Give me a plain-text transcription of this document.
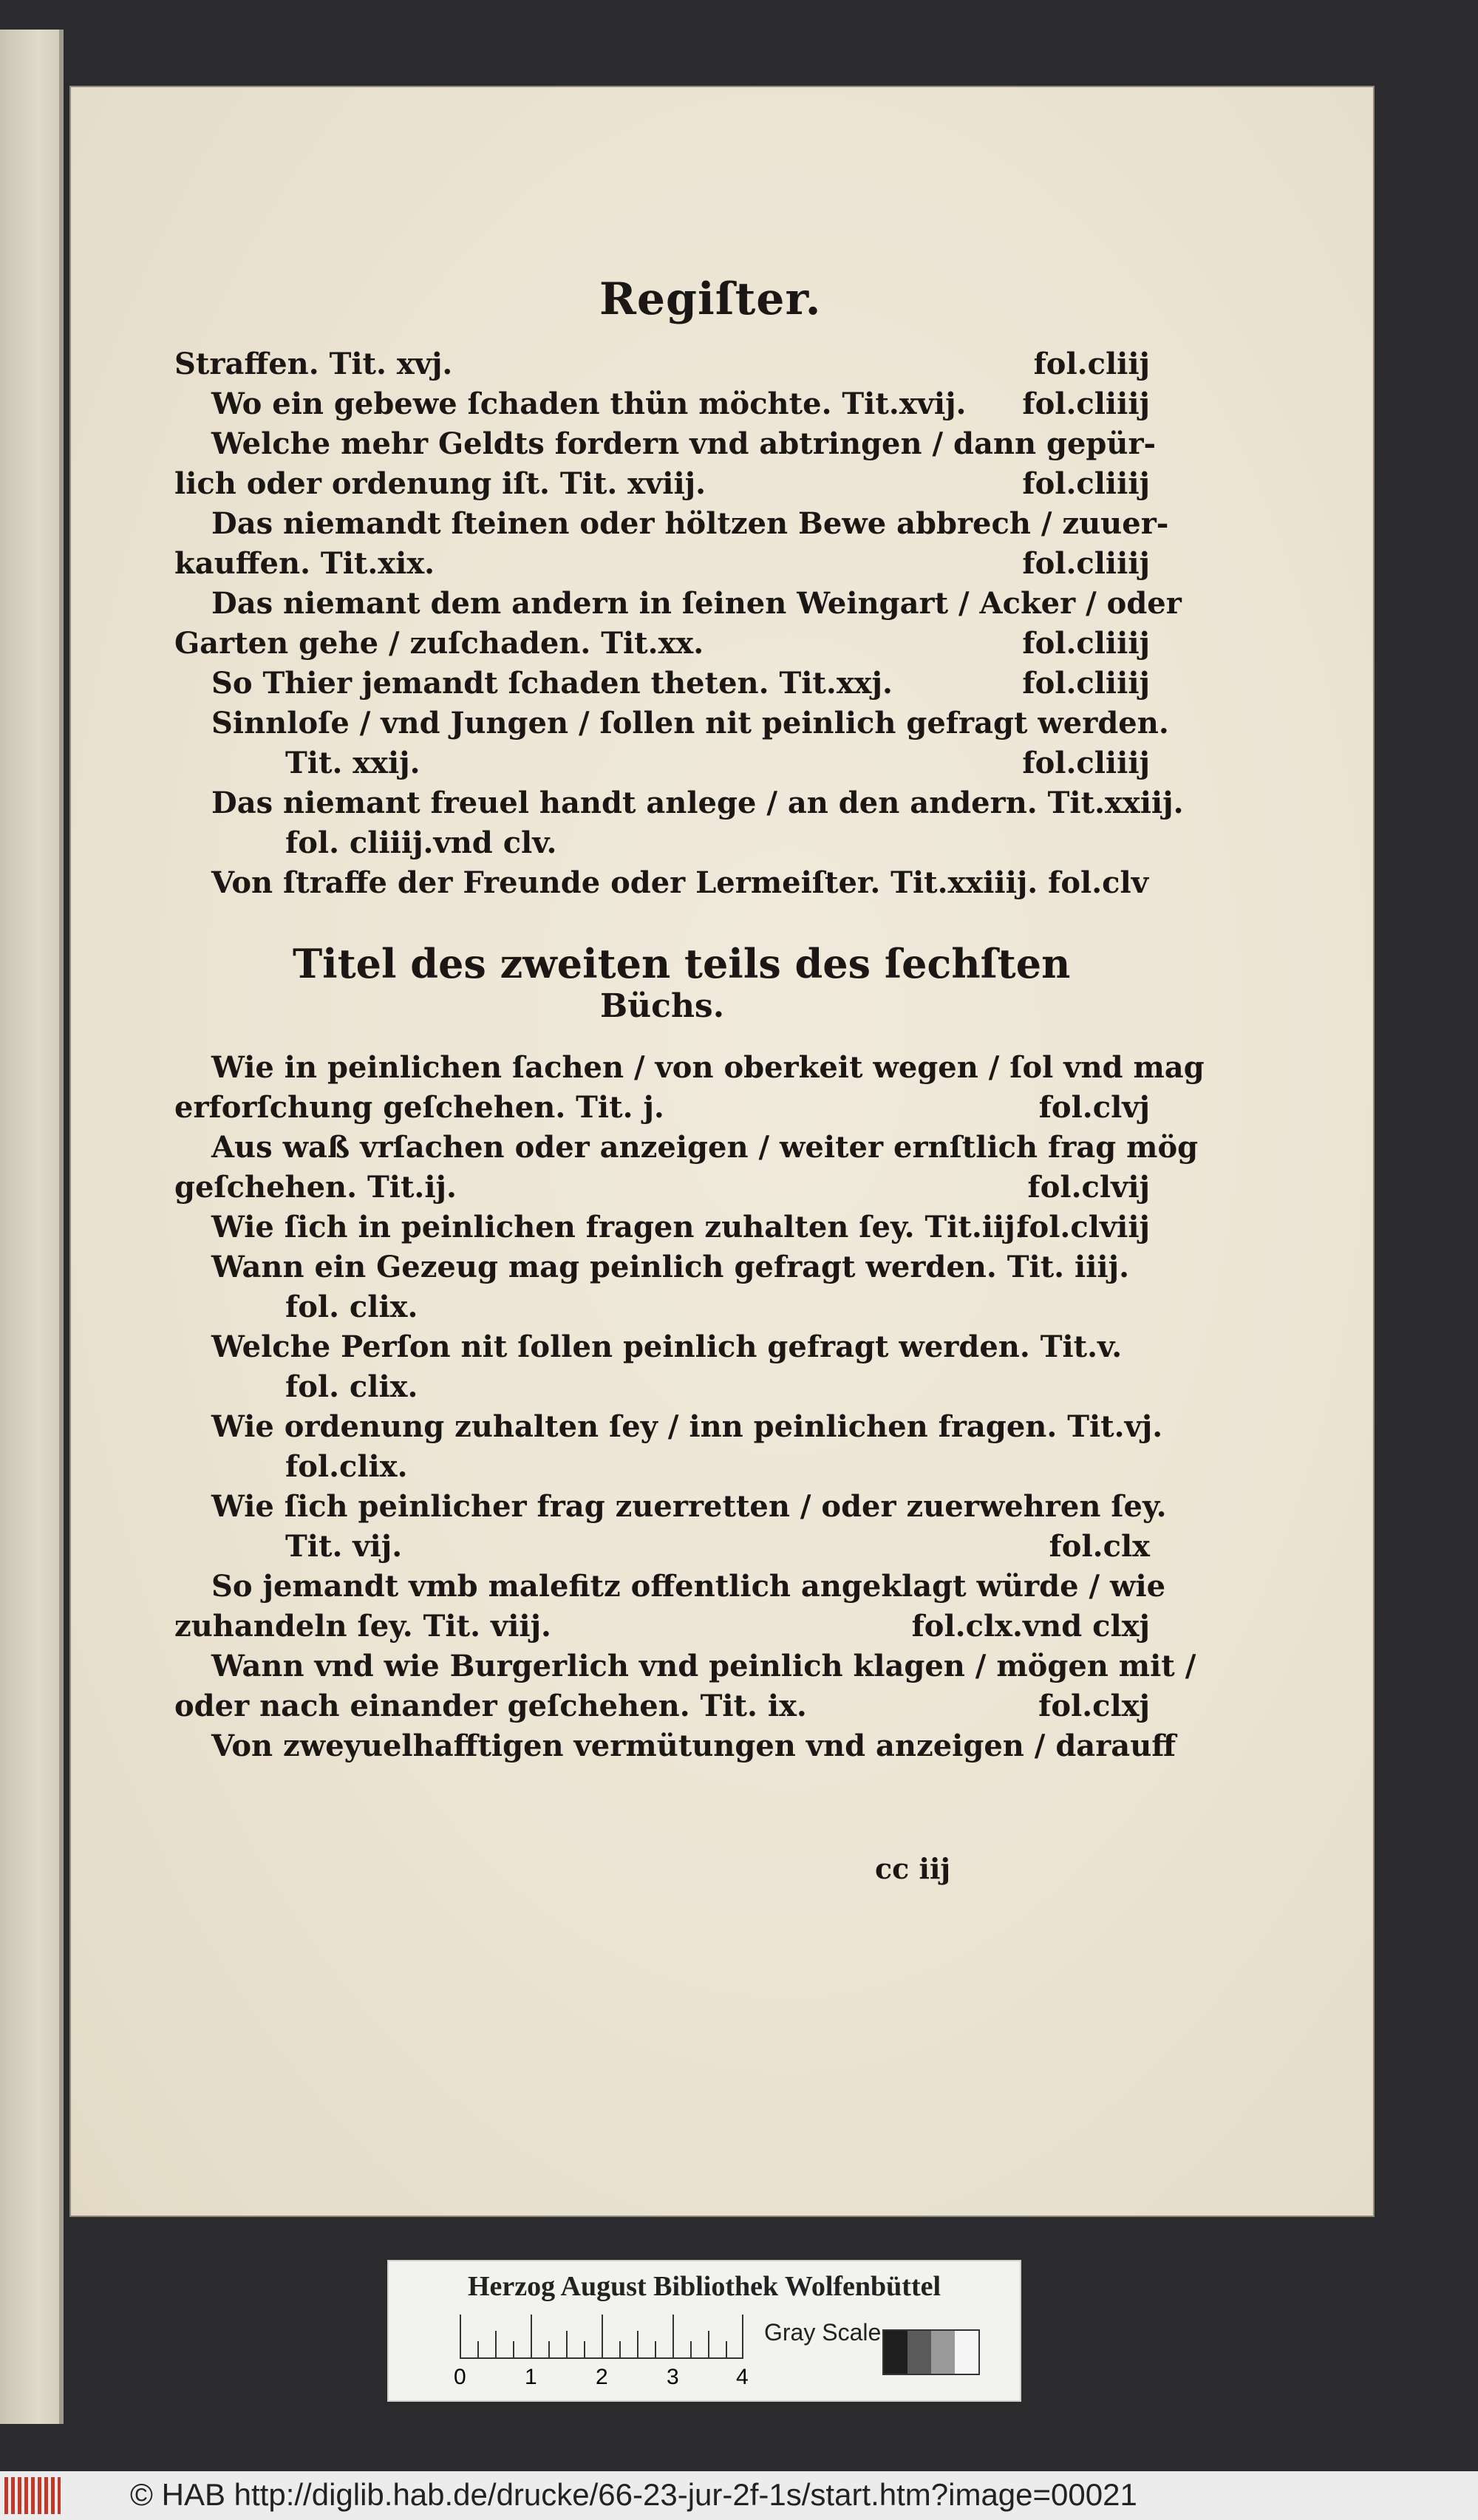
Regiſter.
Straffen. Tit. xvj.	fol.cliij
Wo ein gebewe ſchaden thün möchte. Tit.xvij. fol.cliiij
Welche mehr Geldts fordern vnd abtringen / dann gepür-
lich oder ordenung iſt. Tit. xviij.	fol.cliiij
Das niemandt ſteinen oder höltzen Bewe abbrech / zuuer-
kauffen. Tit.xix.	fol.cliiij
Das niemant dem andern in ſeinen Weingart / Acker / oder
Garten gehe / zuſchaden. Tit.xx.	fol.cliiij
So Thier jemandt ſchaden theten. Tit.xxj.	fol.cliiij
Sinnloſe / vnd Jungen / ſollen nit peinlich gefragt werden.
Tit. xxij.	fol.cliiij
Das niemant freuel handt anlege / an den andern. Tit.xxiij.
fol. cliiij.vnd clv.
Von ſtraffe der Freunde oder Lermeiſter. Tit.xxiiij. fol.clv
Titel des zweiten teils des ſechſten
Büchs.
Wie in peinlichen ſachen / von oberkeit wegen / ſol vnd mag
erforſchung geſchehen. Tit. j.	fol.clvj
Aus waß vrſachen oder anzeigen / weiter ernſtlich frag mög
geſchehen. Tit.ij.	fol.clvij
Wie ſich in peinlichen fragen zuhalten ſey. Tit.iij.
fol.clviij
Wann ein Gezeug mag peinlich gefragt werden. Tit. iiij.
fol. clix.
Welche Perſon nit ſollen peinlich gefragt werden. Tit.v.
fol. clix.
Wie ordenung zuhalten ſey / inn peinlichen fragen. Tit.vj.
fol.clix.
Wie ſich peinlicher frag zuerretten / oder zuerwehren ſey.
Tit. vij.	fol.clx
So jemandt vmb malefitz offentlich angeklagt würde / wie
zuhandeln ſey. Tit. viij.	fol.clx.vnd clxj
Wann vnd wie Burgerlich vnd peinlich klagen / mögen mit /
oder nach einander geſchehen. Tit. ix.	fol.clxj
Von zweyuelhafftigen vermütungen vnd anzeigen / darauff
cc iij
Herzog August Bibliothek Wolfenbüttel
0	1	2	3	4
Gray Scale
© HAB http://diglib.hab.de/drucke/66-23-jur-2f-1s/start.htm?image=00021
